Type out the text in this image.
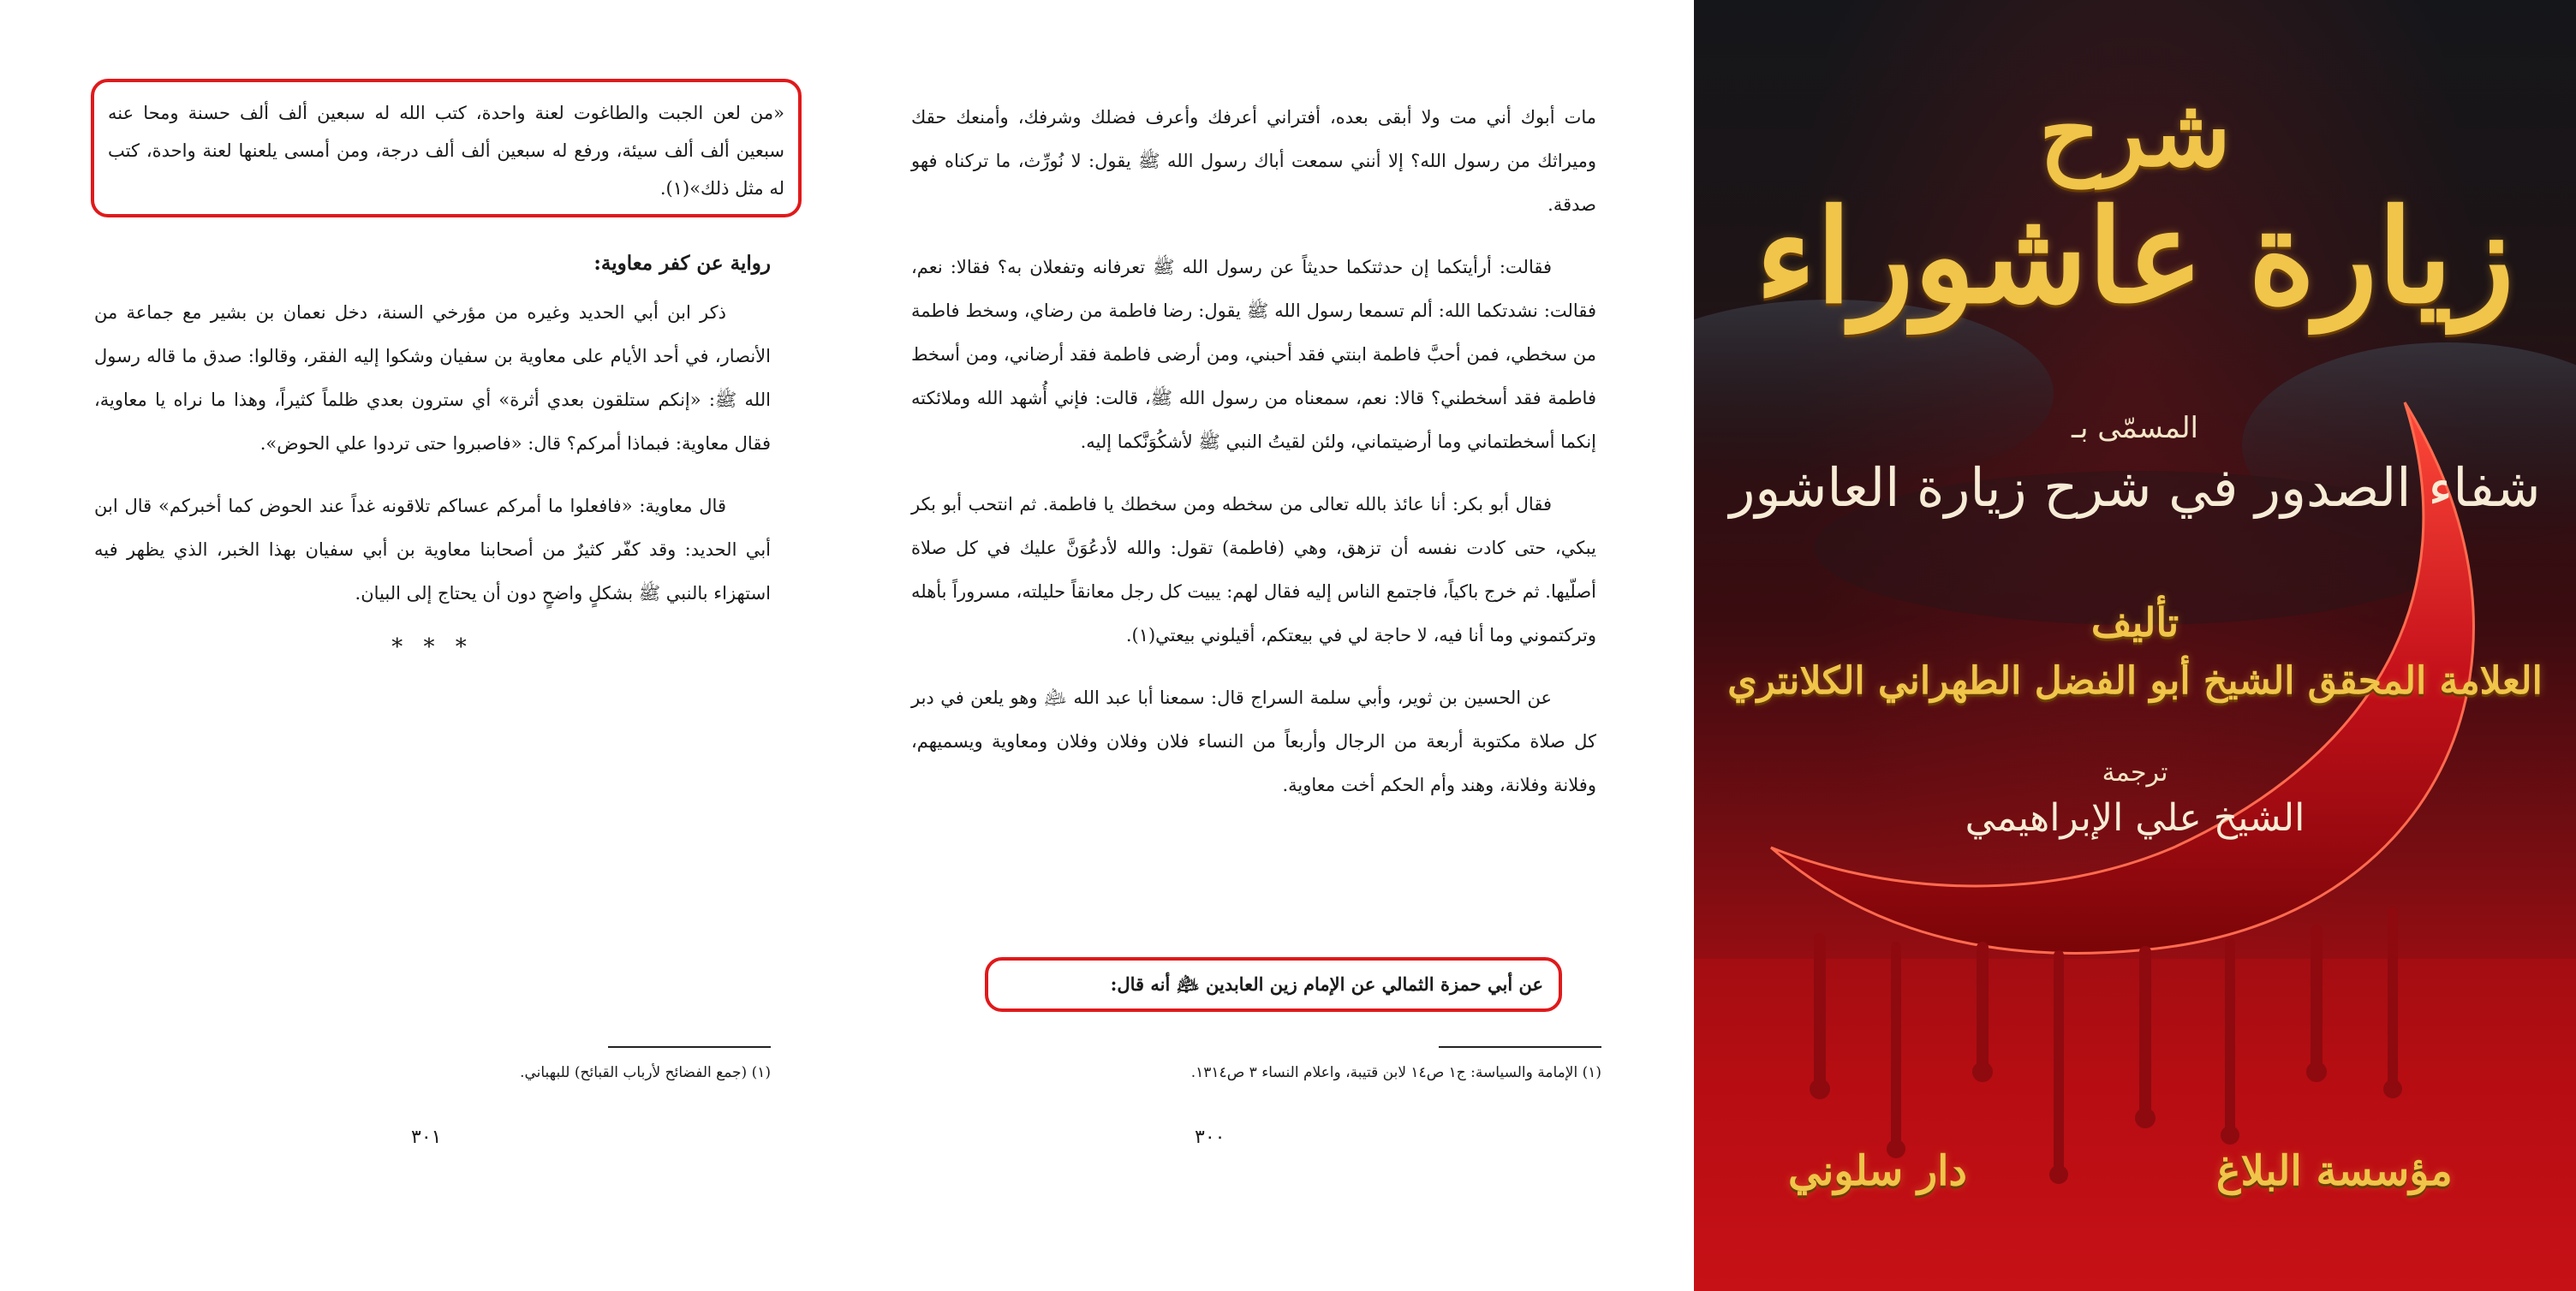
«من لعن الجبت والطاغوت لعنة واحدة، كتب الله له سبعين ألف ألف حسنة ومحا عنه سبعين ألف ألف سيئة، ورفع له سبعين ألف ألف درجة، ومن أمسى يلعنها لعنة واحدة، كتب له مثل ذلك»(١).

رواية عن كفر معاوية:

ذكر ابن أبي الحديد وغيره من مؤرخي السنة، دخل نعمان بن بشير مع جماعة من الأنصار، في أحد الأيام على معاوية بن سفيان وشكوا إليه الفقر، وقالوا: صدق ما قاله رسول الله ﷺ: «إنكم ستلقون بعدي أثرة» أي سترون بعدي ظلماً كثيراً، وهذا ما نراه يا معاوية، فقال معاوية: فبماذا أمركم؟ قال: «فاصبروا حتى تردوا علي الحوض».

قال معاوية: «فافعلوا ما أمركم عساكم تلاقونه غداً عند الحوض كما أخبركم» قال ابن أبي الحديد: وقد كفّر كثيرٌ من أصحابنا معاوية بن أبي سفيان بهذا الخبر، الذي يظهر فيه استهزاء بالنبي ﷺ بشكلٍ واضحٍ دون أن يحتاج إلى البيان.

* * *
(١) (جمع الفضائح لأرباب القبائح) للبهباني.
٣٠١

مات أبوك أني مت ولا أبقى بعده، أفتراني أعرفك وأعرف فضلك وشرفك، وأمنعك حقك وميراثك من رسول الله؟ إلا أنني سمعت أباك رسول الله ﷺ يقول: لا نُورِّث، ما تركناه فهو صدقة.

فقالت: أرأيتكما إن حدثتكما حديثاً عن رسول الله ﷺ تعرفانه وتفعلان به؟ فقالا: نعم، فقالت: نشدتكما الله: ألم تسمعا رسول الله ﷺ يقول: رضا فاطمة من رضاي، وسخط فاطمة من سخطي، فمن أحبَّ فاطمة ابنتي فقد أحبني، ومن أرضى فاطمة فقد أرضاني، ومن أسخط فاطمة فقد أسخطني؟ قالا: نعم، سمعناه من رسول الله ﷺ، قالت: فإني أُشهد الله وملائكته إنكما أسخطتماني وما أرضيتماني، ولئن لقيتُ النبي ﷺ لأشكُوَنَّكما إليه.

فقال أبو بكر: أنا عائذ بالله تعالى من سخطه ومن سخطك يا فاطمة. ثم انتحب أبو بكر يبكي، حتى كادت نفسه أن تزهق، وهي (فاطمة) تقول: والله لأدعُوَنَّ عليك في كل صلاة أصلّيها. ثم خرج باكياً، فاجتمع الناس إليه فقال لهم: يبيت كل رجل معانقاً حليلته، مسروراً بأهله وتركتموني وما أنا فيه، لا حاجة لي في بيعتكم، أقيلوني بيعتي(١).

عن الحسين بن ثوير، وأبي سلمة السراج قال: سمعنا أبا عبد الله ﵇ وهو يلعن في دبر كل صلاة مكتوبة أربعة من الرجال وأربعاً من النساء فلان وفلان وفلان ومعاوية ويسميهم، وفلانة وفلانة، وهند وأم الحكم أخت معاوية.

عن أبي حمزة الثمالي عن الإمام زين العابدين ﵇ أنه قال:

(١) الإمامة والسياسة: ج١ ص١٤ لابن قتيبة، واعلام النساء ٣ ص١٣١٤.
٣٠٠
شرح
زيارة عاشوراء
المسمّى بـ
شفاء الصدور في شرح زيارة العاشور
تأليف
العلامة المحقق الشيخ أبو الفضل الطهراني الكلانتري
ترجمة
الشيخ علي الإبراهيمي
دار سلوني	مؤسسة البلاغ
